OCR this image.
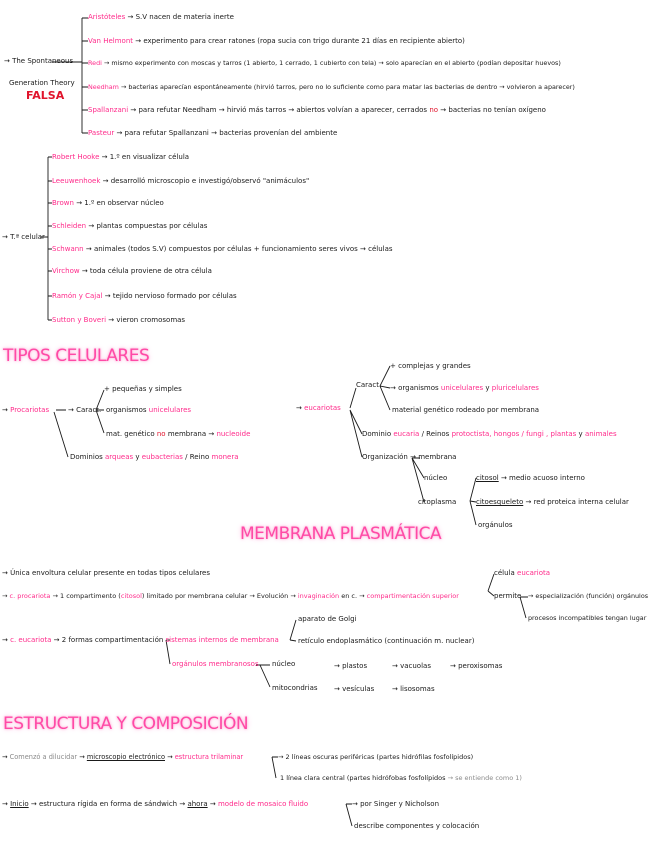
→ The Spontaneous
Generation Theory
FALSA
Aristóteles → S.V nacen de materia inerte
Van Helmont → experimento para crear ratones (ropa sucia con trigo durante 21 días en recipiente abierto)
Redi → mismo experimento con moscas y tarros (1 abierto, 1 cerrado, 1 cubierto con tela) → solo aparecían en el abierto (podían depositar huevos)
Needham → bacterias aparecían espontáneamente (hirvió tarros, pero no lo suficiente como para matar las bacterias de dentro → volvieron a aparecer)
Spallanzani → para refutar Needham → hirvió más tarros → abiertos volvían a aparecer, cerrados no → bacterias no tenían oxígeno
Pasteur → para refutar Spallanzani → bacterias provenían del ambiente
→ T.ª celular
Robert Hooke → 1.º en visualizar célula
Leeuwenhoek → desarrolló microscopio e investigó/observó "animáculos"
Brown → 1.º en observar núcleo
Schleiden → plantas compuestas por células
Schwann → animales (todos S.V) compuestos por células + funcionamiento seres vivos → células
Virchow → toda célula proviene de otra célula
Ramón y Cajal → tejido nervioso formado por células
Sutton y Boveri → vieron cromosomas
TIPOS CELULARES
→ Procariotas	→ Caract.
+ pequeñas y simples
organismos unicelulares
mat. genético no membrana → nucleoide
Dominios arqueas y eubacterias / Reino monera
→ eucariotas
Caract.
+ complejas y grandes
→ organismos unicelulares y pluricelulares
material genético rodeado por membrana
Dominio eucaria / Reinos protoctista, hongos / fungi , plantas y animales
Organización → membrana
núcleo
citoplasma
citosol → medio acuoso interno
citoesqueleto → red proteica interna celular
orgánulos
MEMBRANA PLASMÁTICA
→ Única envoltura celular presente en todas tipos celulares
→ c. procariota → 1 compartimento (citosol) limitado por membrana celular → Evolución → invaginación en c. → compartimentación superior
célula eucariota
permite → especialización (función) orgánulos
procesos incompatibles tengan lugar
→ c. eucariota → 2 formas compartimentación sistemas internos de membrana
aparato de Golgi
retículo endoplasmático (continuación m. nuclear)
orgánulos membranosos núcleo	→ plastos	→ vacuolas	→ peroxisomas
mitocondrias → vesículas	→ lisosomas
ESTRUCTURA Y COMPOSICIÓN
→ Comenzó a dilucidar → microscopio electrónico → estructura trilaminar	→ 2 líneas oscuras periféricas (partes hidrófilas fosfolípidos)
1 línea clara central (partes hidrófobas fosfolípidos → se entiende como 1)
→ Inicio → estructura rígida en forma de sándwich → ahora → modelo de mosaico fluido	→ por Singer y Nicholson
describe componentes y colocación
